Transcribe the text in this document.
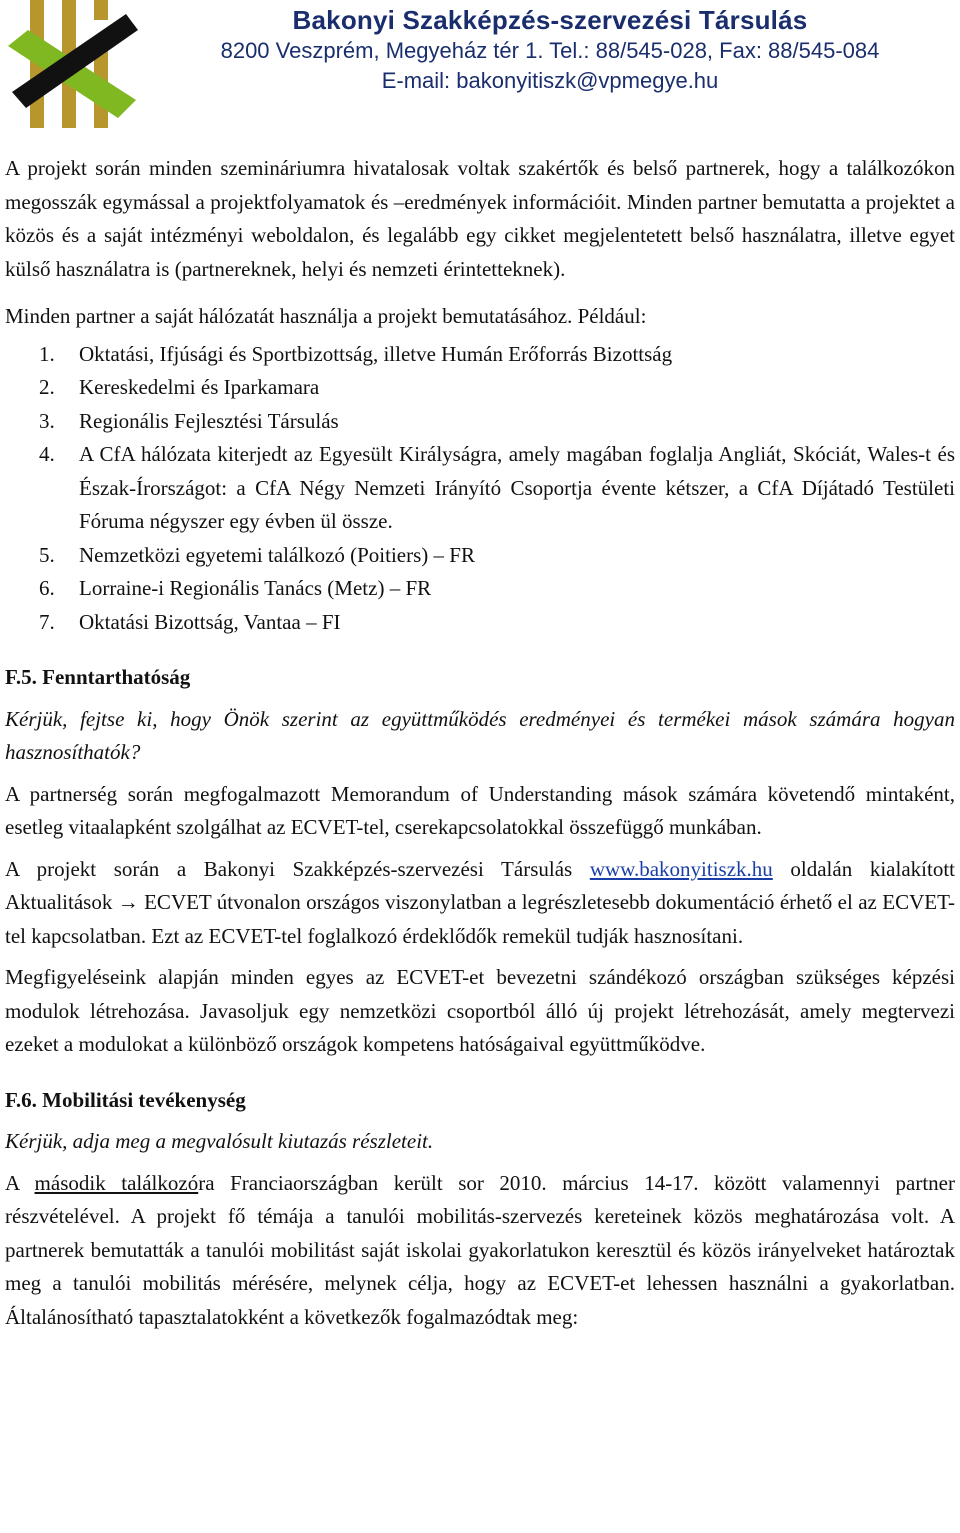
Bakonyi Szakképzés-szervezési Társulás
8200 Veszprém, Megyeház tér 1. Tel.: 88/545-028, Fax: 88/545-084
E-mail: bakonyitiszk@vpmegye.hu

A projekt során minden szemináriumra hivatalosak voltak szakértők és belső partnerek, hogy a találkozókon megosszák egymással a projektfolyamatok és –eredmények információit. Minden partner bemutatta a projektet a közös és a saját intézményi weboldalon, és legalább egy cikket megjelentetett belső használatra, illetve egyet külső használatra is (partnereknek, helyi és nemzeti érintetteknek).

Minden partner a saját hálózatát használja a projekt bemutatásához. Például:

1. Oktatási, Ifjúsági és Sportbizottság, illetve Humán Erőforrás Bizottság
2. Kereskedelmi és Iparkamara
3. Regionális Fejlesztési Társulás
4. A CfA hálózata kiterjedt az Egyesült Királyságra, amely magában foglalja Angliát, Skóciát, Wales-t és Észak-Írországot: a CfA Négy Nemzeti Irányító Csoportja évente kétszer, a CfA Díjátadó Testületi Fóruma négyszer egy évben ül össze.
5. Nemzetközi egyetemi találkozó (Poitiers) – FR
6. Lorraine-i Regionális Tanács (Metz) – FR
7. Oktatási Bizottság, Vantaa – FI

F.5. Fenntarthatóság

Kérjük, fejtse ki, hogy Önök szerint az együttműködés eredményei és termékei mások számára hogyan hasznosíthatók?

A partnerség során megfogalmazott Memorandum of Understanding mások számára követendő mintaként, esetleg vitaalapként szolgálhat az ECVET-tel, cserekapcsolatokkal összefüggő munkában.

A projekt során a Bakonyi Szakképzés-szervezési Társulás www.bakonyitiszk.hu oldalán kialakított Aktualitások → ECVET útvonalon országos viszonylatban a legrészletesebb dokumentáció érhető el az ECVET-tel kapcsolatban. Ezt az ECVET-tel foglalkozó érdeklődők remekül tudják hasznosítani.

Megfigyeléseink alapján minden egyes az ECVET-et bevezetni szándékozó országban szükséges képzési modulok létrehozása. Javasoljuk egy nemzetközi csoportból álló új projekt létrehozását, amely megtervezi ezeket a modulokat a különböző országok kompetens hatóságaival együttműködve.

F.6. Mobilitási tevékenység

Kérjük, adja meg a megvalósult kiutazás részleteit.

A második találkozóra Franciaországban került sor 2010. március 14-17. között valamennyi partner részvételével. A projekt fő témája a tanulói mobilitás-szervezés kereteinek közös meghatározása volt. A partnerek bemutatták a tanulói mobilitást saját iskolai gyakorlatukon keresztül és közös irányelveket határoztak meg a tanulói mobilitás mérésére, melynek célja, hogy az ECVET-et lehessen használni a gyakorlatban. Általánosítható tapasztalatokként a következők fogalmazódtak meg:
